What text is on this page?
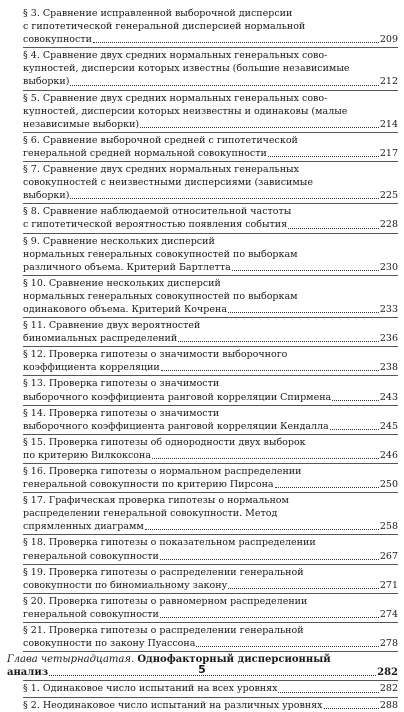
§ 3. Сравнение исправленной выборочной дисперсии
с гипотетической генеральной дисперсией нормальной
совокупности	209
§ 4. Сравнение двух средних нормальных генеральных сово-
купностей, дисперсии которых известны (большие независимые
выборки)	212
§ 5. Сравнение двух средних нормальных генеральных сово-
купностей, дисперсии которых неизвестны и одинаковы (малые
независимые выборки)	214
§ 6. Сравнение выборочной средней с гипотетической
генеральной средней нормальной совокупности	217
§ 7. Сравнение двух средних нормальных генеральных
совокупностей с неизвестными дисперсиями (зависимые
выборки)	225
§ 8. Сравнение наблюдаемой относительной частоты
с гипотетической вероятностью появления события	228
§ 9. Сравнение нескольких дисперсий
нормальных генеральных совокупностей по выборкам
различного объема. Критерий Бартлетта	230
§ 10. Сравнение нескольких дисперсий
нормальных генеральных совокупностей по выборкам
одинакового объема. Критерий Кочрена	233
§ 11. Сравнение двух вероятностей
биномиальных распределений	236
§ 12. Проверка гипотезы о значимости выборочного
коэффициента корреляции	238
§ 13. Проверка гипотезы о значимости
выборочного коэффициента ранговой корреляции Спирмена	243
§ 14. Проверка гипотезы о значимости
выборочного коэффициента ранговой корреляции Кендалла	245
§ 15. Проверка гипотезы об однородности двух выборок
по критерию Вилкоксона	246
§ 16. Проверка гипотезы о нормальном распределении
генеральной совокупности по критерию Пирсона	250
§ 17. Графическая проверка гипотезы о нормальном
распределении генеральной совокупности. Метод
спрямленных диаграмм	258
§ 18. Проверка гипотезы о показательном распределении
генеральной совокупности	267
§ 19. Проверка гипотезы о распределении генеральной
совокупности по биномиальному закону	271
§ 20. Проверка гипотезы о равномерном распределении
генеральной совокупности	274
§ 21. Проверка гипотезы о распределении генеральной
совокупности по закону Пуассона	278
Глава четырнадцатая. Однофакторный дисперсионный
анализ	282
§ 1. Одинаковое число испытаний на всех уровнях	282
§ 2. Неодинаковое число испытаний на различных уровнях	288
5
